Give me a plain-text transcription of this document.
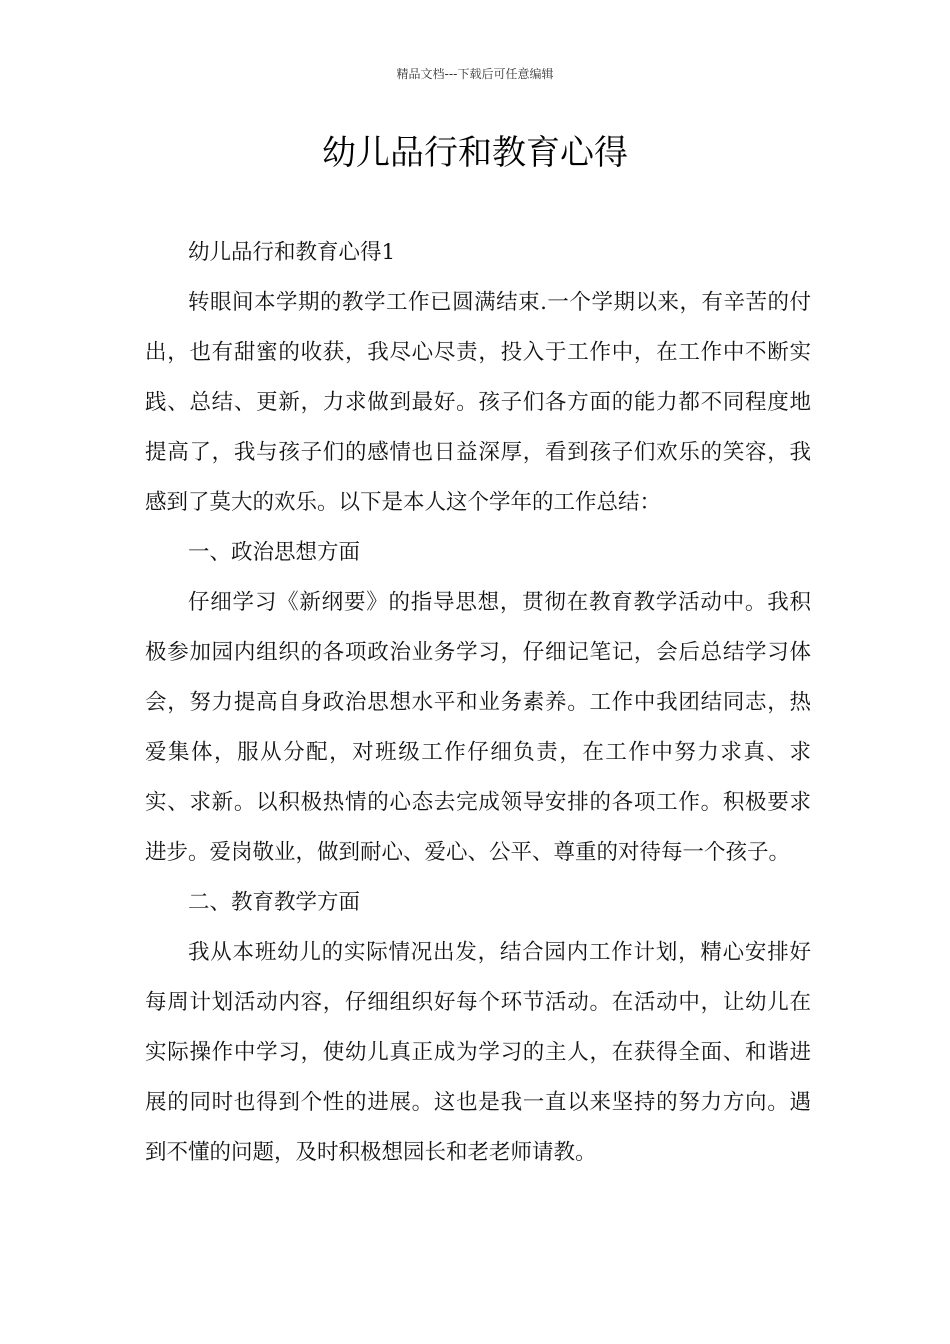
精品文档---下载后可任意编辑
幼儿品行和教育心得

幼儿品行和教育心得1

转眼间本学期的教学工作已圆满结束.一个学期以来，有辛苦的付出，也有甜蜜的收获，我尽心尽责，投入于工作中，在工作中不断实践、总结、更新，力求做到最好。孩子们各方面的能力都不同程度地提高了，我与孩子们的感情也日益深厚，看到孩子们欢乐的笑容，我感到了莫大的欢乐。以下是本人这个学年的工作总结：

一、政治思想方面

仔细学习《新纲要》的指导思想，贯彻在教育教学活动中。我积极参加园内组织的各项政治业务学习，仔细记笔记，会后总结学习体会，努力提高自身政治思想水平和业务素养。工作中我团结同志，热爱集体，服从分配，对班级工作仔细负责，在工作中努力求真、求实、求新。以积极热情的心态去完成领导安排的各项工作。积极要求进步。爱岗敬业，做到耐心、爱心、公平、尊重的对待每一个孩子。

二、教育教学方面

我从本班幼儿的实际情况出发，结合园内工作计划，精心安排好每周计划活动内容，仔细组织好每个环节活动。在活动中，让幼儿在实际操作中学习，使幼儿真正成为学习的主人，在获得全面、和谐进展的同时也得到个性的进展。这也是我一直以来坚持的努力方向。遇到不懂的问题，及时积极想园长和老老师请教。
